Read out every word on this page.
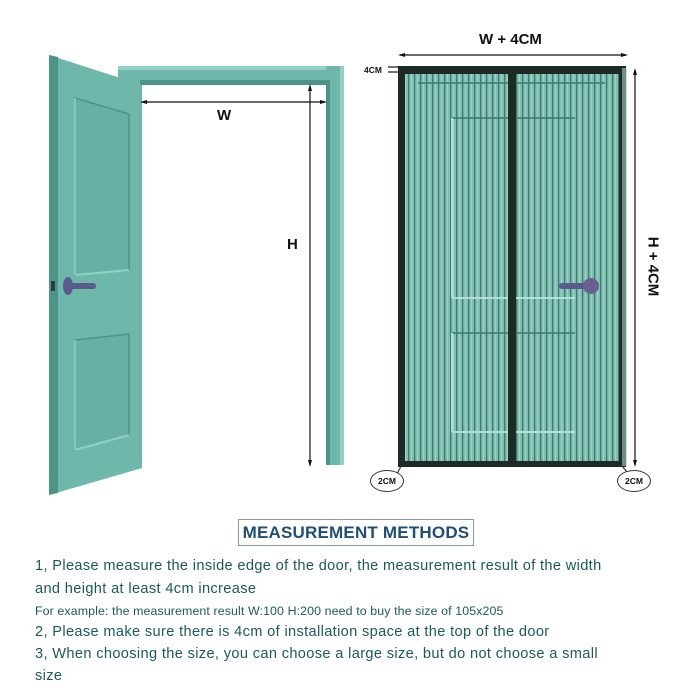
W
H
W + 4CM
H + 4CM
4CM
2CM	2CM
MEASUREMENT METHODS
1, Please measure the inside edge of the door, the measurement result of the width
and height at least 4cm increase
For example: the measurement result W:100 H:200 need to buy the size of 105x205
2, Please make sure there is 4cm of installation space at the top of the door
3, When choosing the size, you can choose a large size, but do not choose a small
size
